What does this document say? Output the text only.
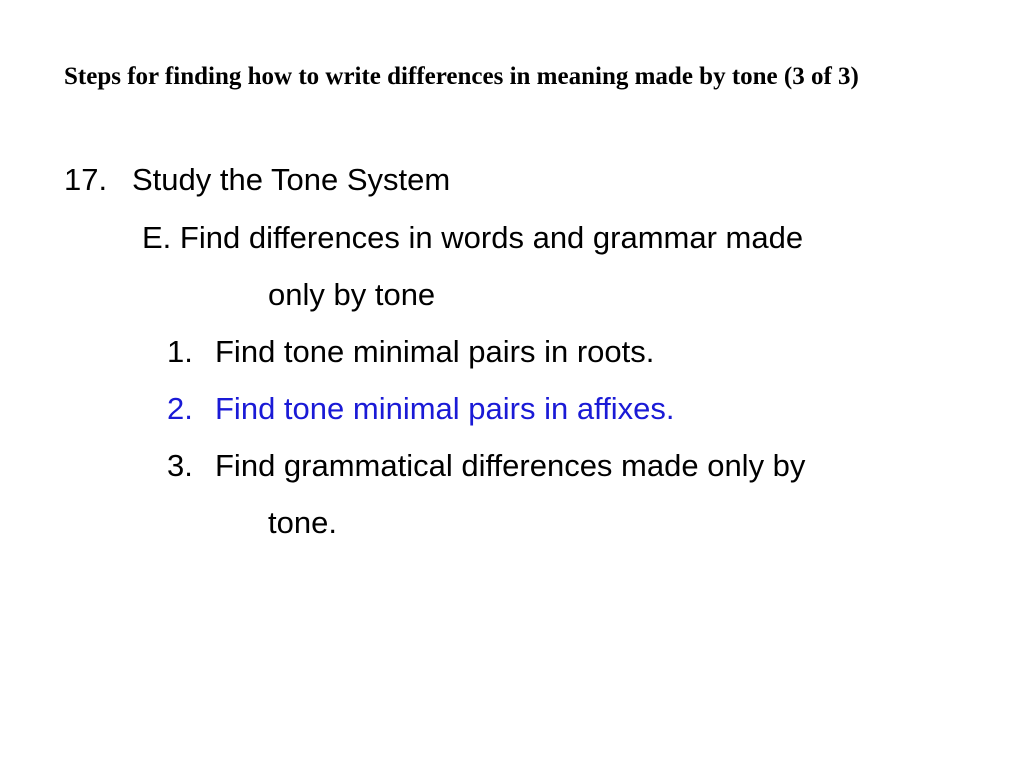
Steps for finding how to write differences in meaning made by tone (3 of 3)

17. Study the Tone System

E. Find differences in words and grammar made

only by tone

1. Find tone minimal pairs in roots.

2. Find tone minimal pairs in affixes.

3. Find grammatical differences made only by

tone.
